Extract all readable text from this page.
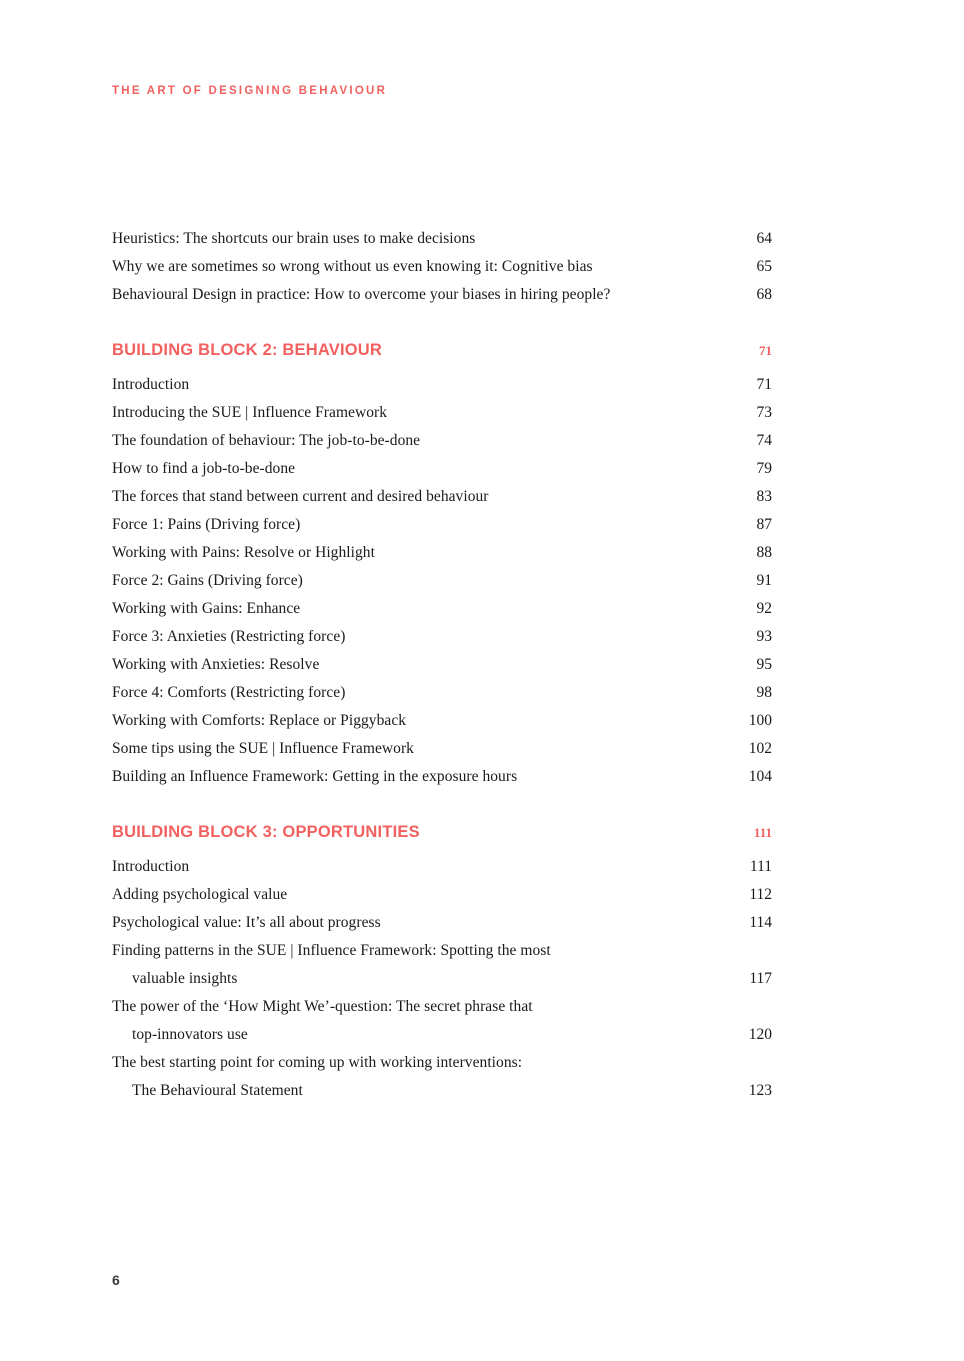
THE ART OF DESIGNING BEHAVIOUR
Heuristics: The shortcuts our brain uses to make decisions	64
Why we are sometimes so wrong without us even knowing it: Cognitive bias	65
Behavioural Design in practice: How to overcome your biases in hiring people?	68
BUILDING BLOCK 2: BEHAVIOUR	71
Introduction	71
Introducing the SUE | Influence Framework	73
The foundation of behaviour: The job-to-be-done	74
How to find a job-to-be-done	79
The forces that stand between current and desired behaviour	83
Force 1: Pains (Driving force)	87
Working with Pains: Resolve or Highlight	88
Force 2: Gains (Driving force)	91
Working with Gains: Enhance	92
Force 3: Anxieties (Restricting force)	93
Working with Anxieties: Resolve	95
Force 4: Comforts (Restricting force)	98
Working with Comforts: Replace or Piggyback	100
Some tips using the SUE | Influence Framework	102
Building an Influence Framework: Getting in the exposure hours	104
BUILDING BLOCK 3: OPPORTUNITIES	111
Introduction	111
Adding psychological value	112
Psychological value: It’s all about progress	114
Finding patterns in the SUE | Influence Framework: Spotting the most
valuable insights	117
The power of the ‘How Might We’-question: The secret phrase that
top-innovators use	120
The best starting point for coming up with working interventions:
The Behavioural Statement	123
6
